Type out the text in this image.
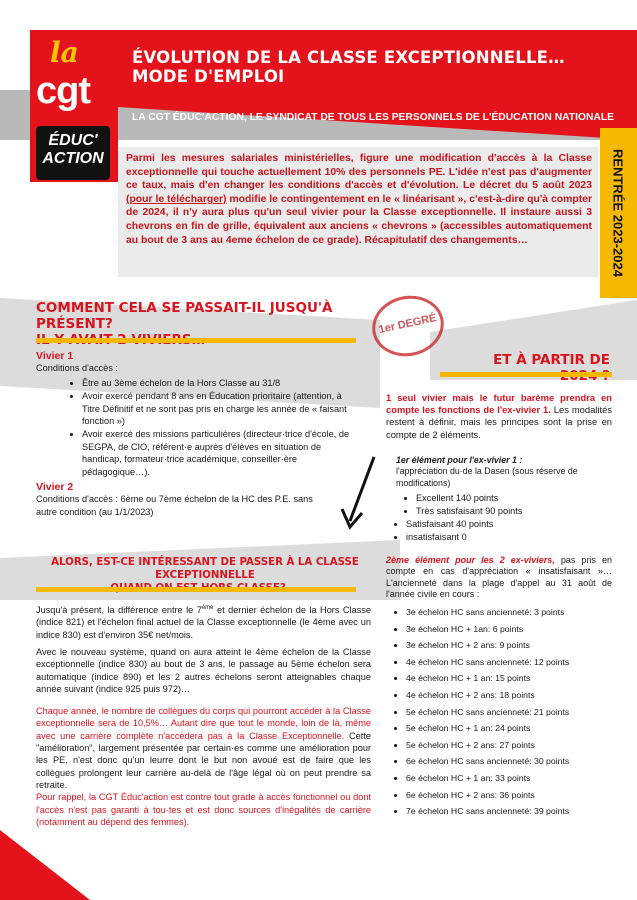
la
cgt
ÉDUC'
ACTION
ÉVOLUTION DE LA CLASSE EXCEPTIONNELLE… MODE D'EMPLOI
LA CGT ÉDUC'ACTION, LE SYNDICAT DE TOUS LES PERSONNELS DE L'ÉDUCATION NATIONALE
RENTRÉE 2023-2024
Parmi les mesures salariales ministérielles, figure une modification d'accès à la Classe exceptionnelle qui touche actuellement 10% des personnels PE. L'idée n'est pas d'augmenter ce taux, mais d'en changer les conditions d'accès et d'évolution. Le décret du 5 août 2023 (pour le télécharger) modifie le contingentement en le « linéarisant », c'est-à-dire qu'à compter de 2024, il n'y aura plus qu'un seul vivier pour la Classe exceptionnelle. Il instaure aussi 3 chevrons en fin de grille, équivalent aux anciens « chevrons » (accessibles automatiquement au bout de 3 ans au 4eme échelon de ce grade). Récapitulatif des changements…
COMMENT CELA SE PASSAIT-IL JUSQU'À PRÉSENT?	1er DEGRÉ
Vivier 1
Conditions d'accès :
• Être au 3ème échelon de la Hors Classe au 31/8
• Avoir exercé pendant 8 ans en Éducation prioritaire (attention, à Titre Définitif et ne sont pas pris en charge les année de « faisant fonction »)
• Avoir exercé des missions particulières (directeur·trice d'école, de SEGPA, de CIO, référent·e auprès d'élèves en situation de handicap, formateur·trice académique, conseiller·ère pédagogique…).
Vivier 2
Conditions d'accès : 6ème ou 7ème échelon de la HC des P.E. sans autre condition (au 1/1/2023)
ALORS, EST-CE INTÉRESSANT DE PASSER À LA CLASSE EXCEPTIONNELLE

Jusqu'à présent, la différence entre le 7ème et dernier échelon de la Hors Classe (indice 821) et l'échelon final actuel de la Classe exceptionnelle (le 4ème avec un indice 830) est d'environ 35€ net/mois.

Avec le nouveau système, quand on aura atteint le 4ème échelon de la Classe exceptionnelle (indice 830) au bout de 3 ans, le passage au 5ème échelon sera automatique (indice 890) et les 2 autres échelons seront atteignables chaque année suivant (indice 925 puis 972)…

Chaque année, le nombre de collègues du corps qui pourront accéder à la Classe exceptionnelle sera de 10,5%… Autant dire que tout le monde, loin de là, même avec une carrière complète n'accèdera pas à la Classe Exceptionnelle. Cette "amélioration", largement présentée par certain·es comme une amélioration pour les PE, n'est donc qu'un leurre dont le but non avoué est de faire que les collègues prolongent leur carrière au-delà de l'âge légal où on peut prendre sa retraite.

Pour rappel, la CGT Éduc'action est contre tout grade à accès fonctionnel ou dont l'accès n'est pas garanti à tou·tes et est donc sources d'inégalités de carrière (notamment au dépend des femmes).

ET À PARTIR DE
1 seul vivier mais le futur barème prendra en compte les fonctions de l'ex-vivier 1. Les modalités restent à définir, mais les principes sont la prise en compte de 2 éléments.
1er élément pour l'ex-vivier 1 :
l'appréciation du·de la Dasen (sous réserve de modifications)
• Excellent 140 points
• Très satisfaisant 90 points
• Satisfaisant 40 points
• insatisfaisant 0
2ème élément pour les 2 ex-viviers, pas pris en compte en cas d'appréciation « insatisfaisant »… L'ancienneté dans la plage d'appel au 31 août de l'année civile en cours :
• 3e échelon HC sans ancienneté: 3 points
• 3e échelon HC + 1an: 6 points
• 3e échelon HC + 2 ans: 9 points
• 4e échelon HC sans ancienneté: 12 points
• 4e échelon HC + 1 an: 15 points
• 4e échelon HC + 2 ans: 18 points
• 5e échelon HC sans ancienneté: 21 points
• 5e échelon HC + 1 an: 24 points
• 5e échelon HC + 2 ans: 27 points
• 6e échelon HC sans ancienneté: 30 points
• 6e échelon HC + 1 an: 33 points
• 6e échelon HC + 2 ans: 36 points
• 7e échelon HC sans ancienneté: 39 points
